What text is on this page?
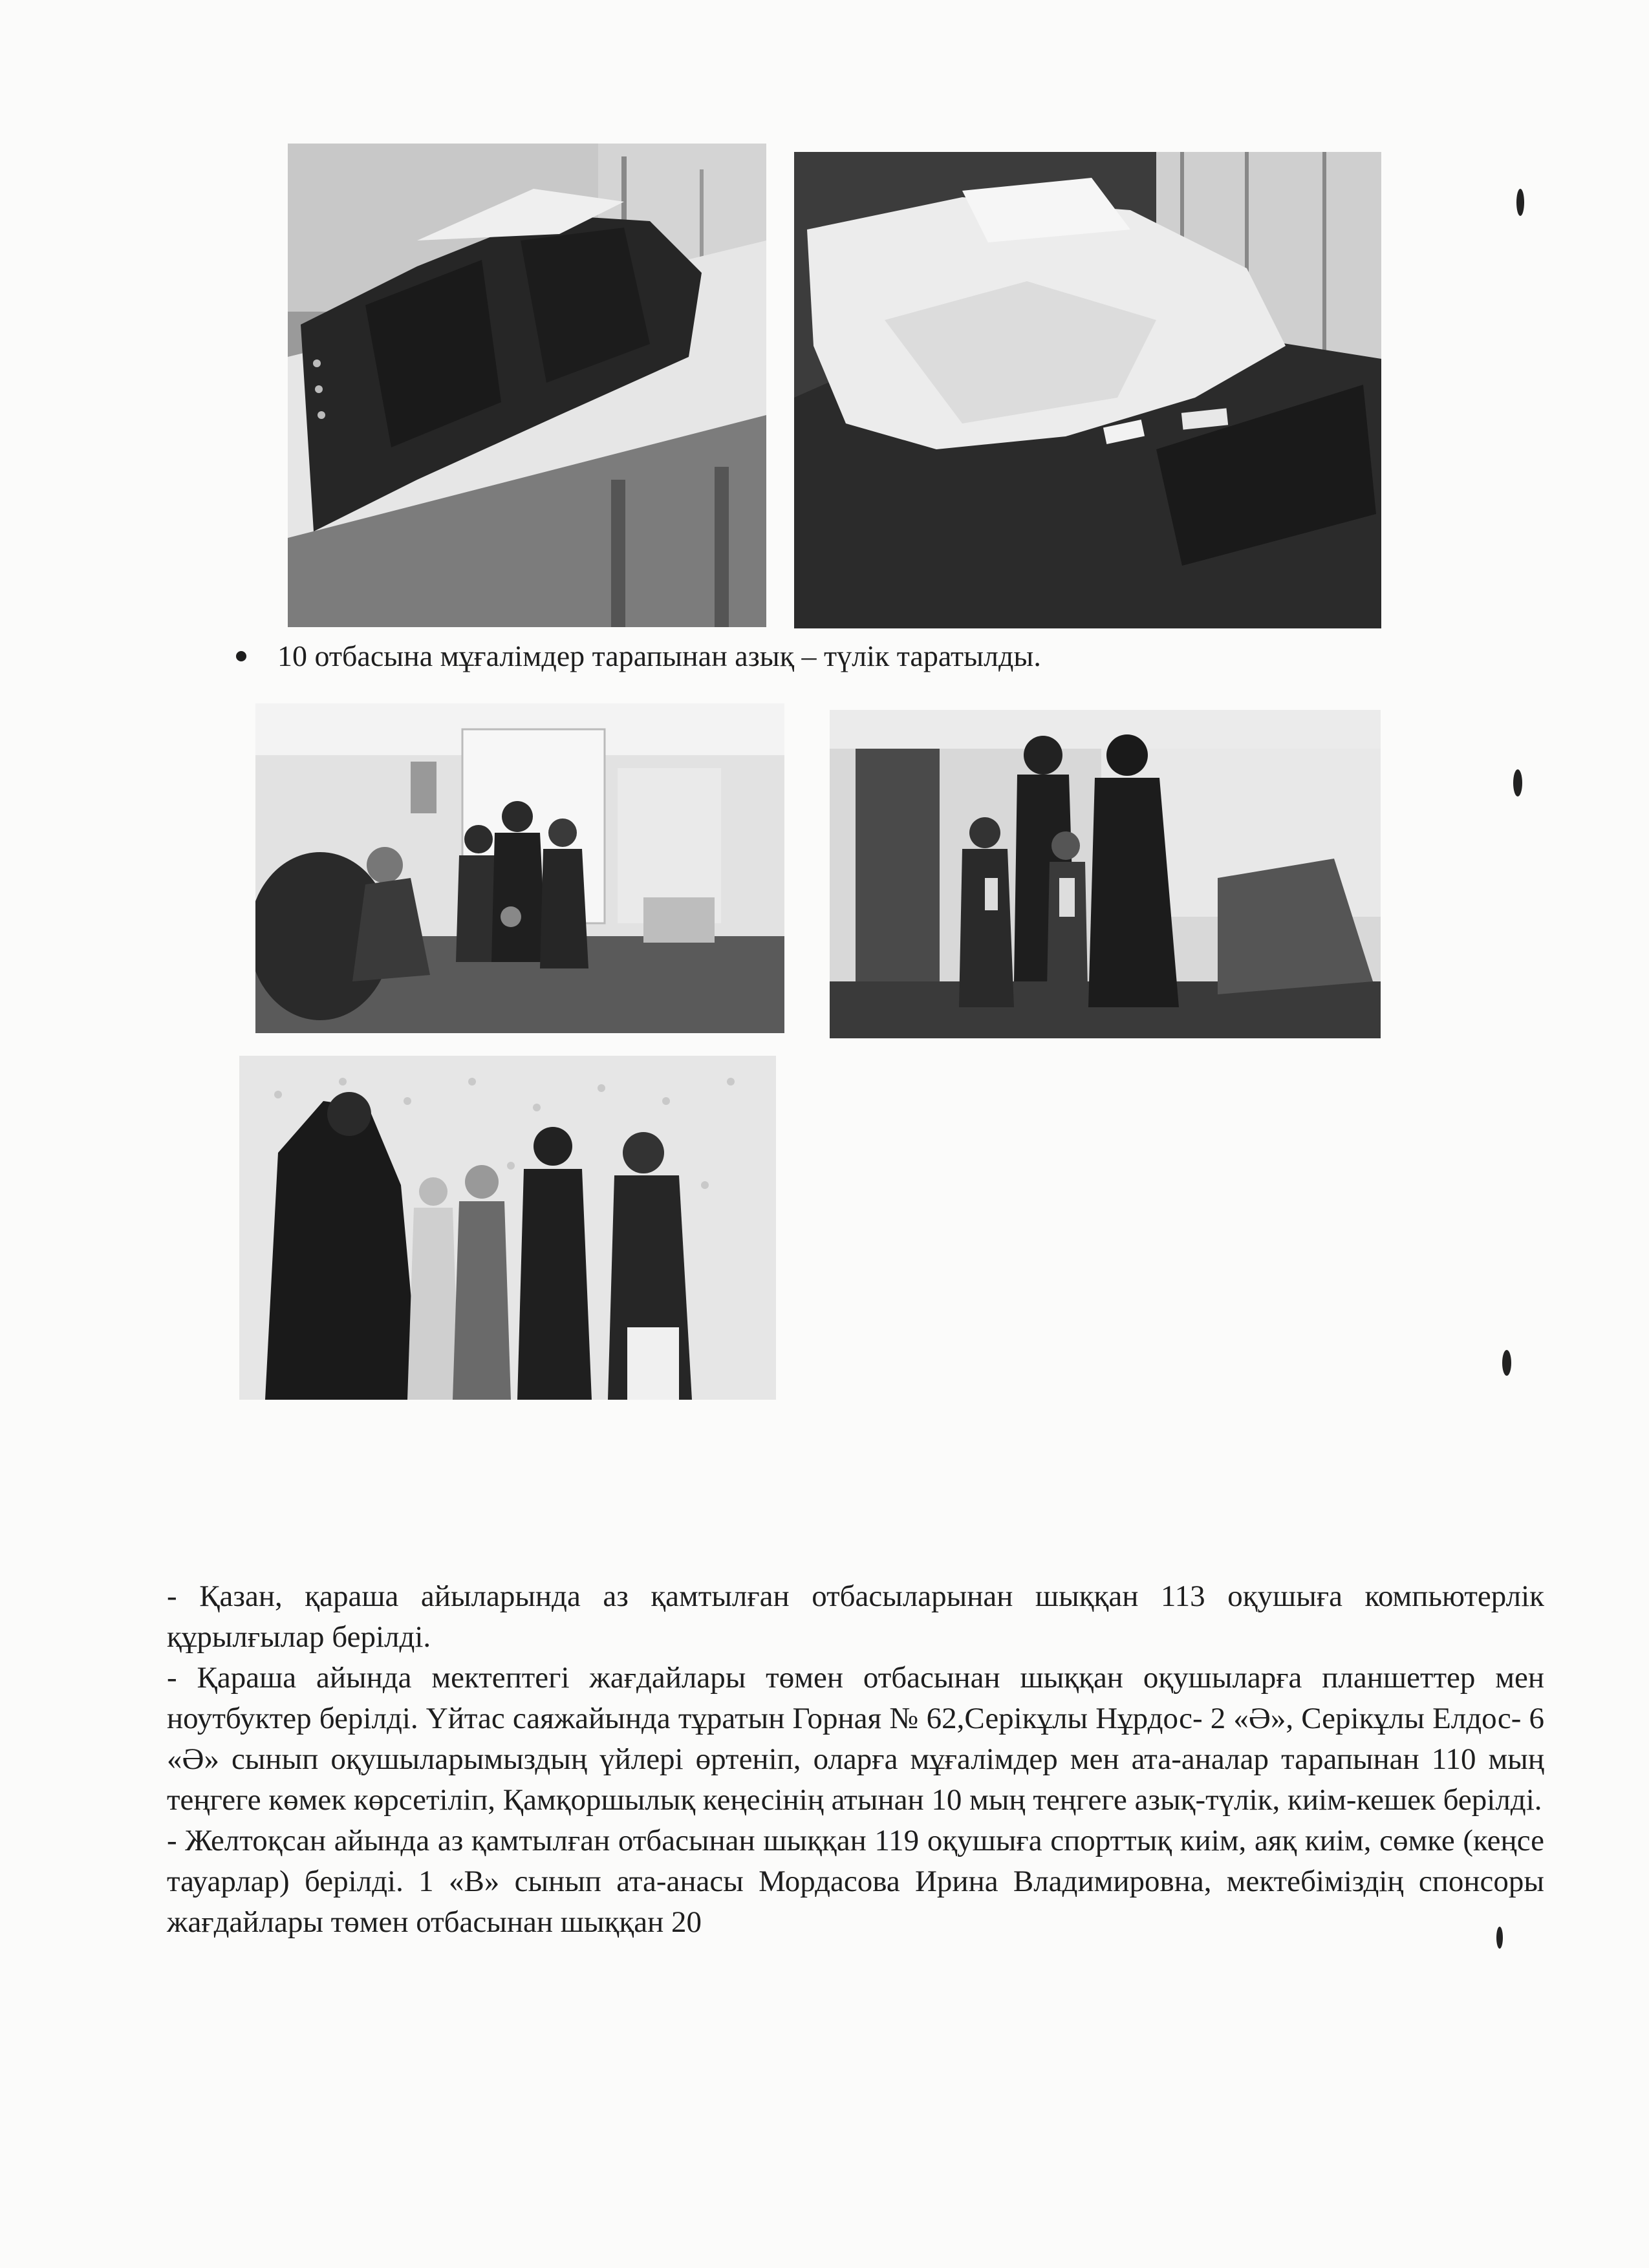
10 отбасына мұғалімдер тарапынан азық – түлік таратылды.

- Қазан, қараша айыларында аз қамтылған отбасыларынан шыққан 113 оқушыға компьютерлік құрылғылар берілді.

- Қараша айында мектептегі жағдайлары төмен отбасынан шыққан оқушыларға планшеттер мен ноутбуктер берілді. Үйтас саяжайында тұратын Горная № 62,Серікұлы Нұрдос- 2 «Ә», Серікұлы Елдос- 6 «Ә» сынып оқушыларымыздың үйлері өртеніп, оларға мұғалімдер мен ата-аналар тарапынан 110 мың теңгеге көмек көрсетіліп, Қамқоршылық кеңесінің атынан 10 мың теңгеге азық-түлік, киім-кешек берілді.

- Желтоқсан айында аз қамтылған отбасынан шыққан 119 оқушыға спорттық киім, аяқ киім, сөмке (кеңсе тауарлар) берілді. 1 «В» сынып ата-анасы Мордасова Ирина Владимировна, мектебіміздің спонсоры жағдайлары төмен отбасынан шыққан 20
